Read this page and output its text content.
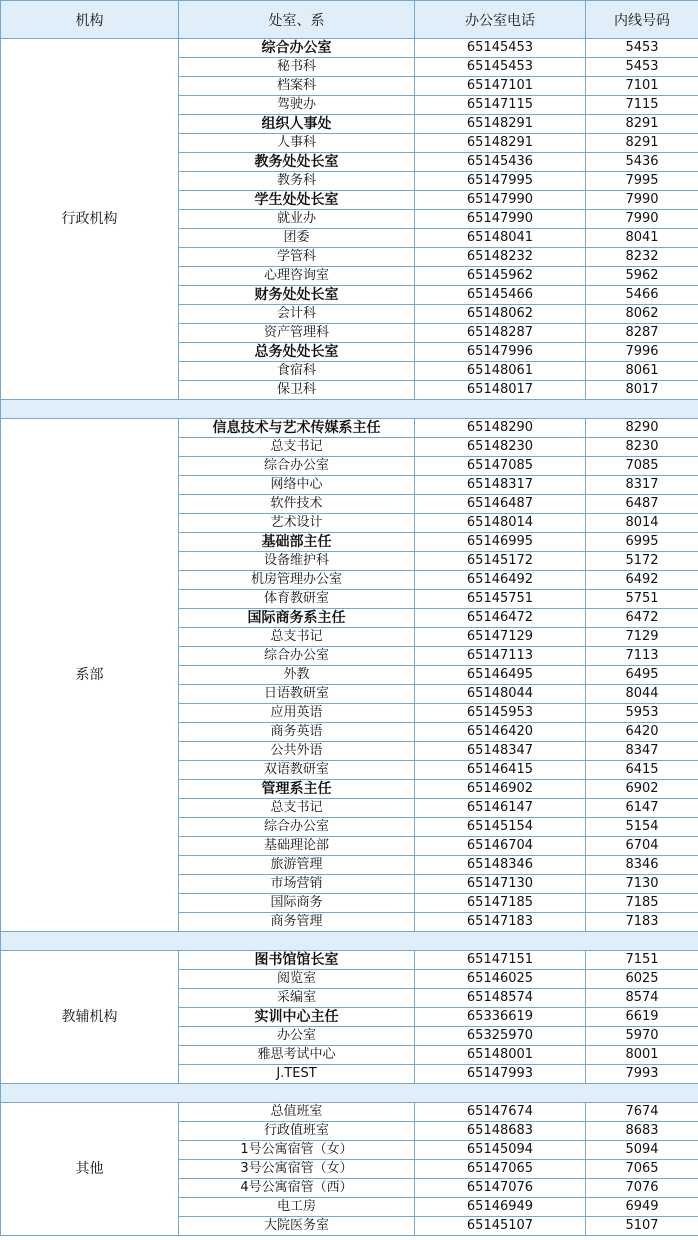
机构	处室、系	办公室电话	内线号码
行政机构	综合办公室	65145453	5453
	秘书科	65145453	5453
	档案科	65147101	7101
	驾驶办	65147115	7115
	组织人事处	65148291	8291
	人事科	65148291	8291
	教务处处长室	65145436	5436
	教务科	65147995	7995
	学生处处长室	65147990	7990
	就业办	65147990	7990
	团委	65148041	8041
	学管科	65148232	8232
	心理咨询室	65145962	5962
	财务处处长室	65145466	5466
	会计科	65148062	8062
	资产管理科	65148287	8287
	总务处处长室	65147996	7996
	食宿科	65148061	8061
	保卫科	65148017	8017

系部	信息技术与艺术传媒系主任	65148290	8290
	总支书记	65148230	8230
	综合办公室	65147085	7085
	网络中心	65148317	8317
	软件技术	65146487	6487
	艺术设计	65148014	8014
	基础部主任	65146995	6995
	设备维护科	65145172	5172
	机房管理办公室	65146492	6492
	体育教研室	65145751	5751
	国际商务系主任	65146472	6472
	总支书记	65147129	7129
	综合办公室	65147113	7113
	外教	65146495	6495
	日语教研室	65148044	8044
	应用英语	65145953	5953
	商务英语	65146420	6420
	公共外语	65148347	8347
	双语教研室	65146415	6415
	管理系主任	65146902	6902
	总支书记	65146147	6147
	综合办公室	65145154	5154
	基础理论部	65146704	6704
	旅游管理	65148346	8346
	市场营销	65147130	7130
	国际商务	65147185	7185
	商务管理	65147183	7183

教辅机构	图书馆馆长室	65147151	7151
	阅览室	65146025	6025
	采编室	65148574	8574
	实训中心主任	65336619	6619
	办公室	65325970	5970
	雅思考试中心	65148001	8001
	J.TEST	65147993	7993

其他	总值班室	65147674	7674
	行政值班室	65148683	8683
	1号公寓宿管（女）	65145094	5094
	3号公寓宿管（女）	65147065	7065
	4号公寓宿管（西）	65147076	7076
	电工房	65146949	6949
	大院医务室	65145107	5107
